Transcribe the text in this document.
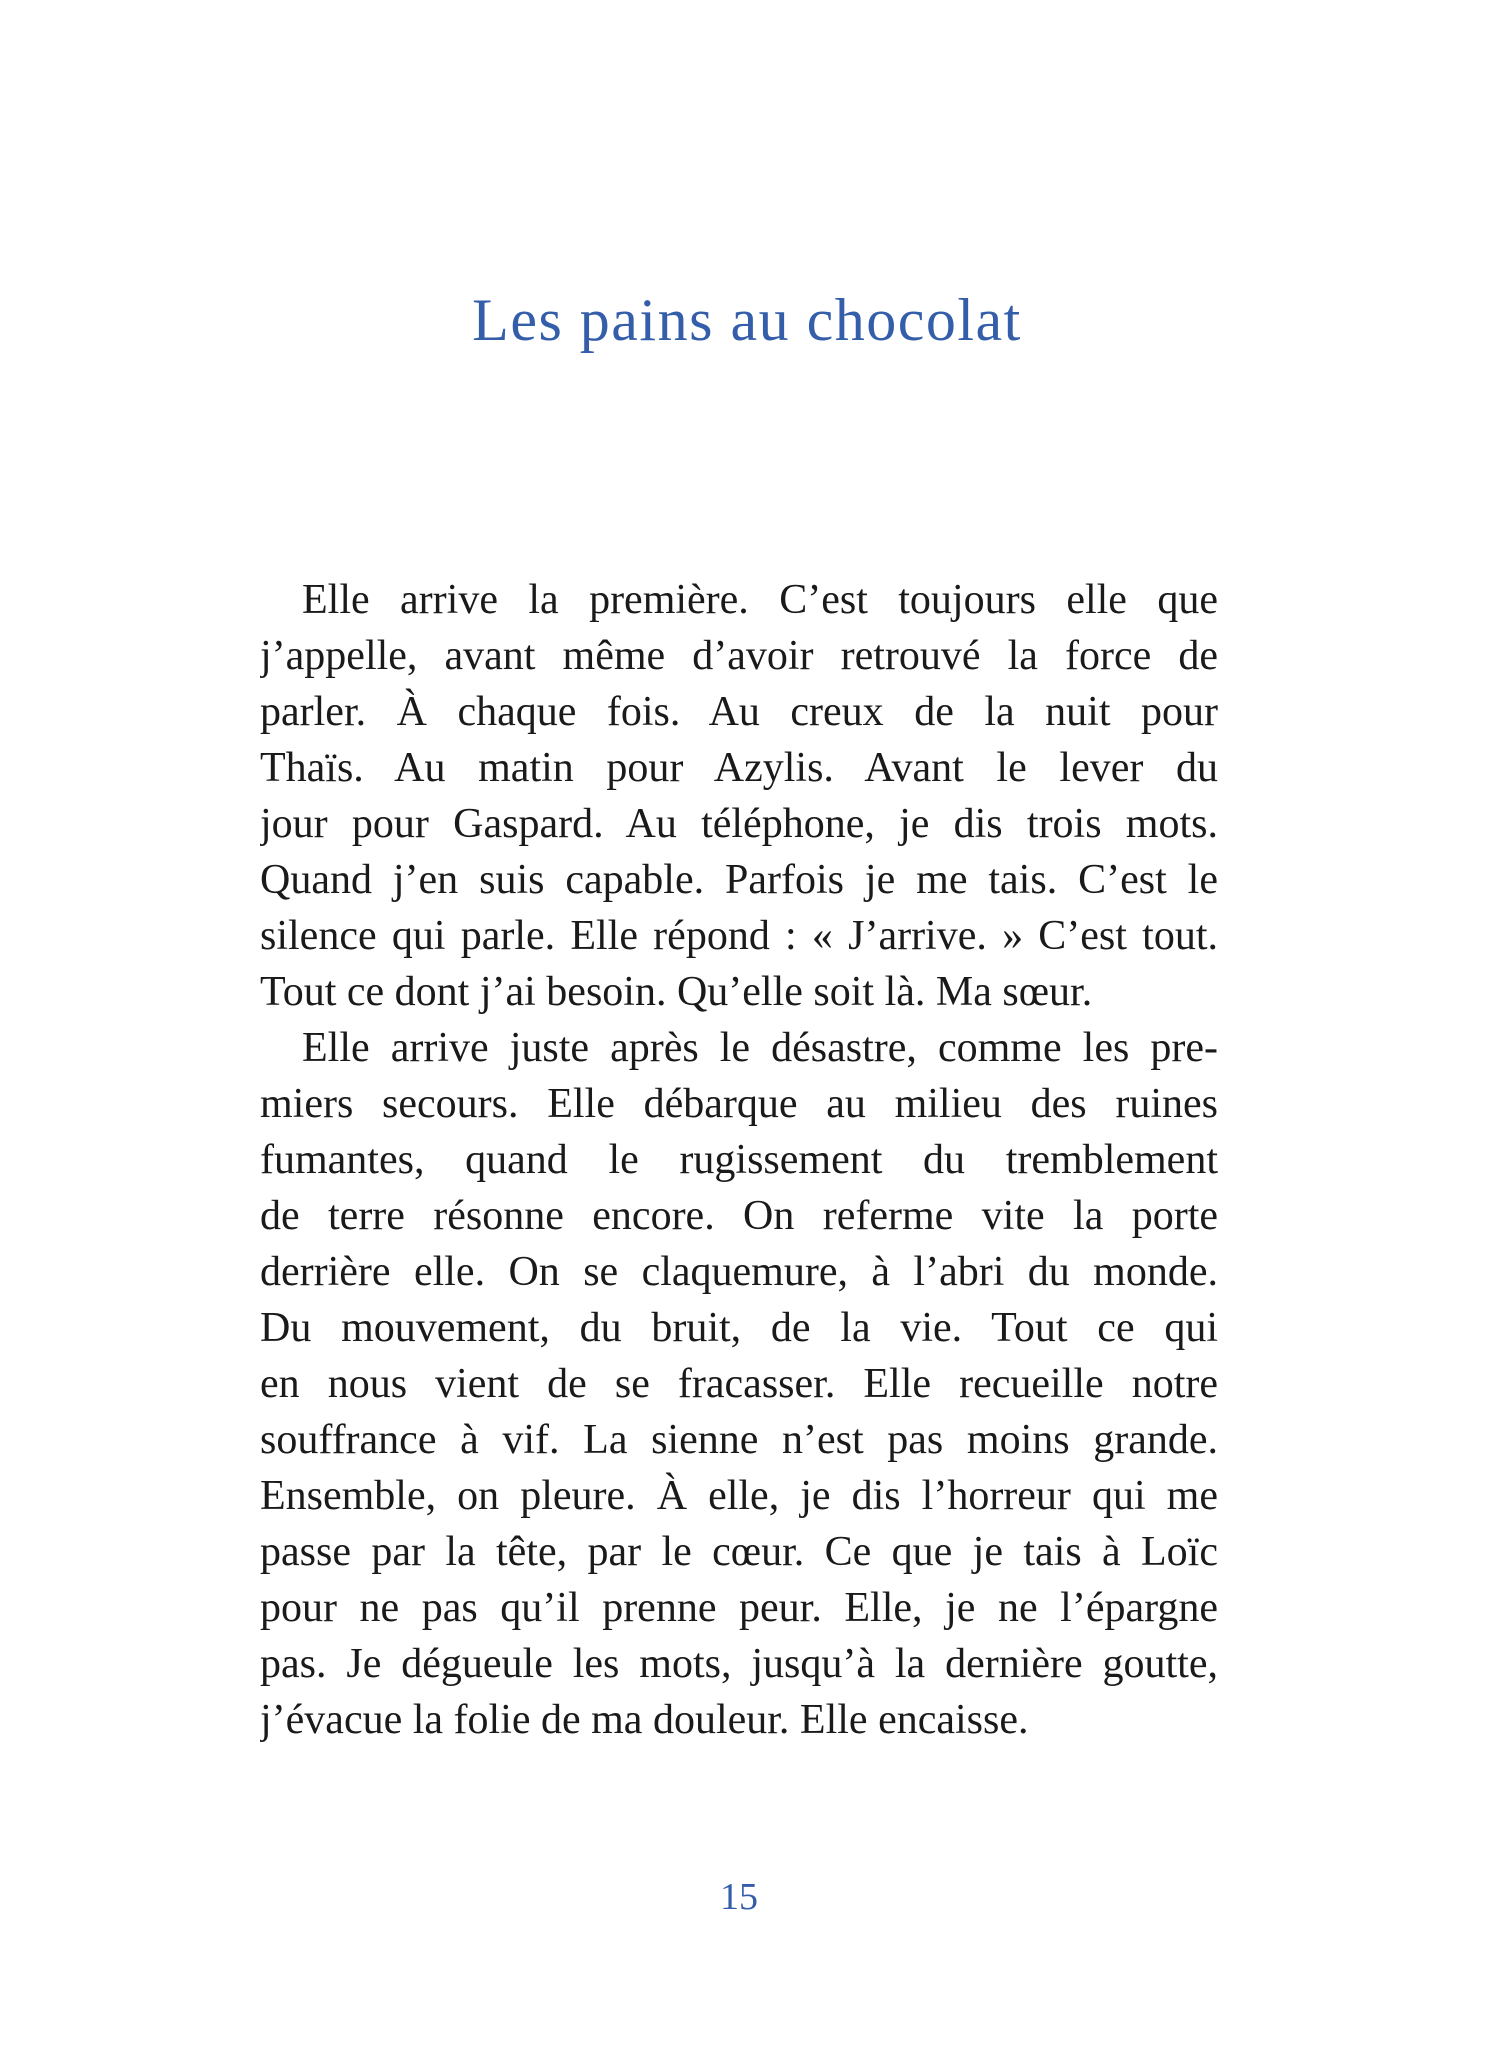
Les pains au chocolat
Elle arrive la première. C’est toujours elle que
j’appelle, avant même d’avoir retrouvé la force de
parler. À chaque fois. Au creux de la nuit pour
Thaïs. Au matin pour Azylis. Avant le lever du
jour pour Gaspard. Au téléphone, je dis trois mots.
Quand j’en suis capable. Parfois je me tais. C’est le
silence qui parle. Elle répond : « J’arrive. » C’est tout.
Tout ce dont j’ai besoin. Qu’elle soit là. Ma sœur.
Elle arrive juste après le désastre, comme les pre-
miers secours. Elle débarque au milieu des ruines
fumantes, quand le rugissement du tremblement
de terre résonne encore. On referme vite la porte
derrière elle. On se claquemure, à l’abri du monde.
Du mouvement, du bruit, de la vie. Tout ce qui
en nous vient de se fracasser. Elle recueille notre
souffrance à vif. La sienne n’est pas moins grande.
Ensemble, on pleure. À elle, je dis l’horreur qui me
passe par la tête, par le cœur. Ce que je tais à Loïc
pour ne pas qu’il prenne peur. Elle, je ne l’épargne
pas. Je dégueule les mots, jusqu’à la dernière goutte,
j’évacue la folie de ma douleur. Elle encaisse.
15
